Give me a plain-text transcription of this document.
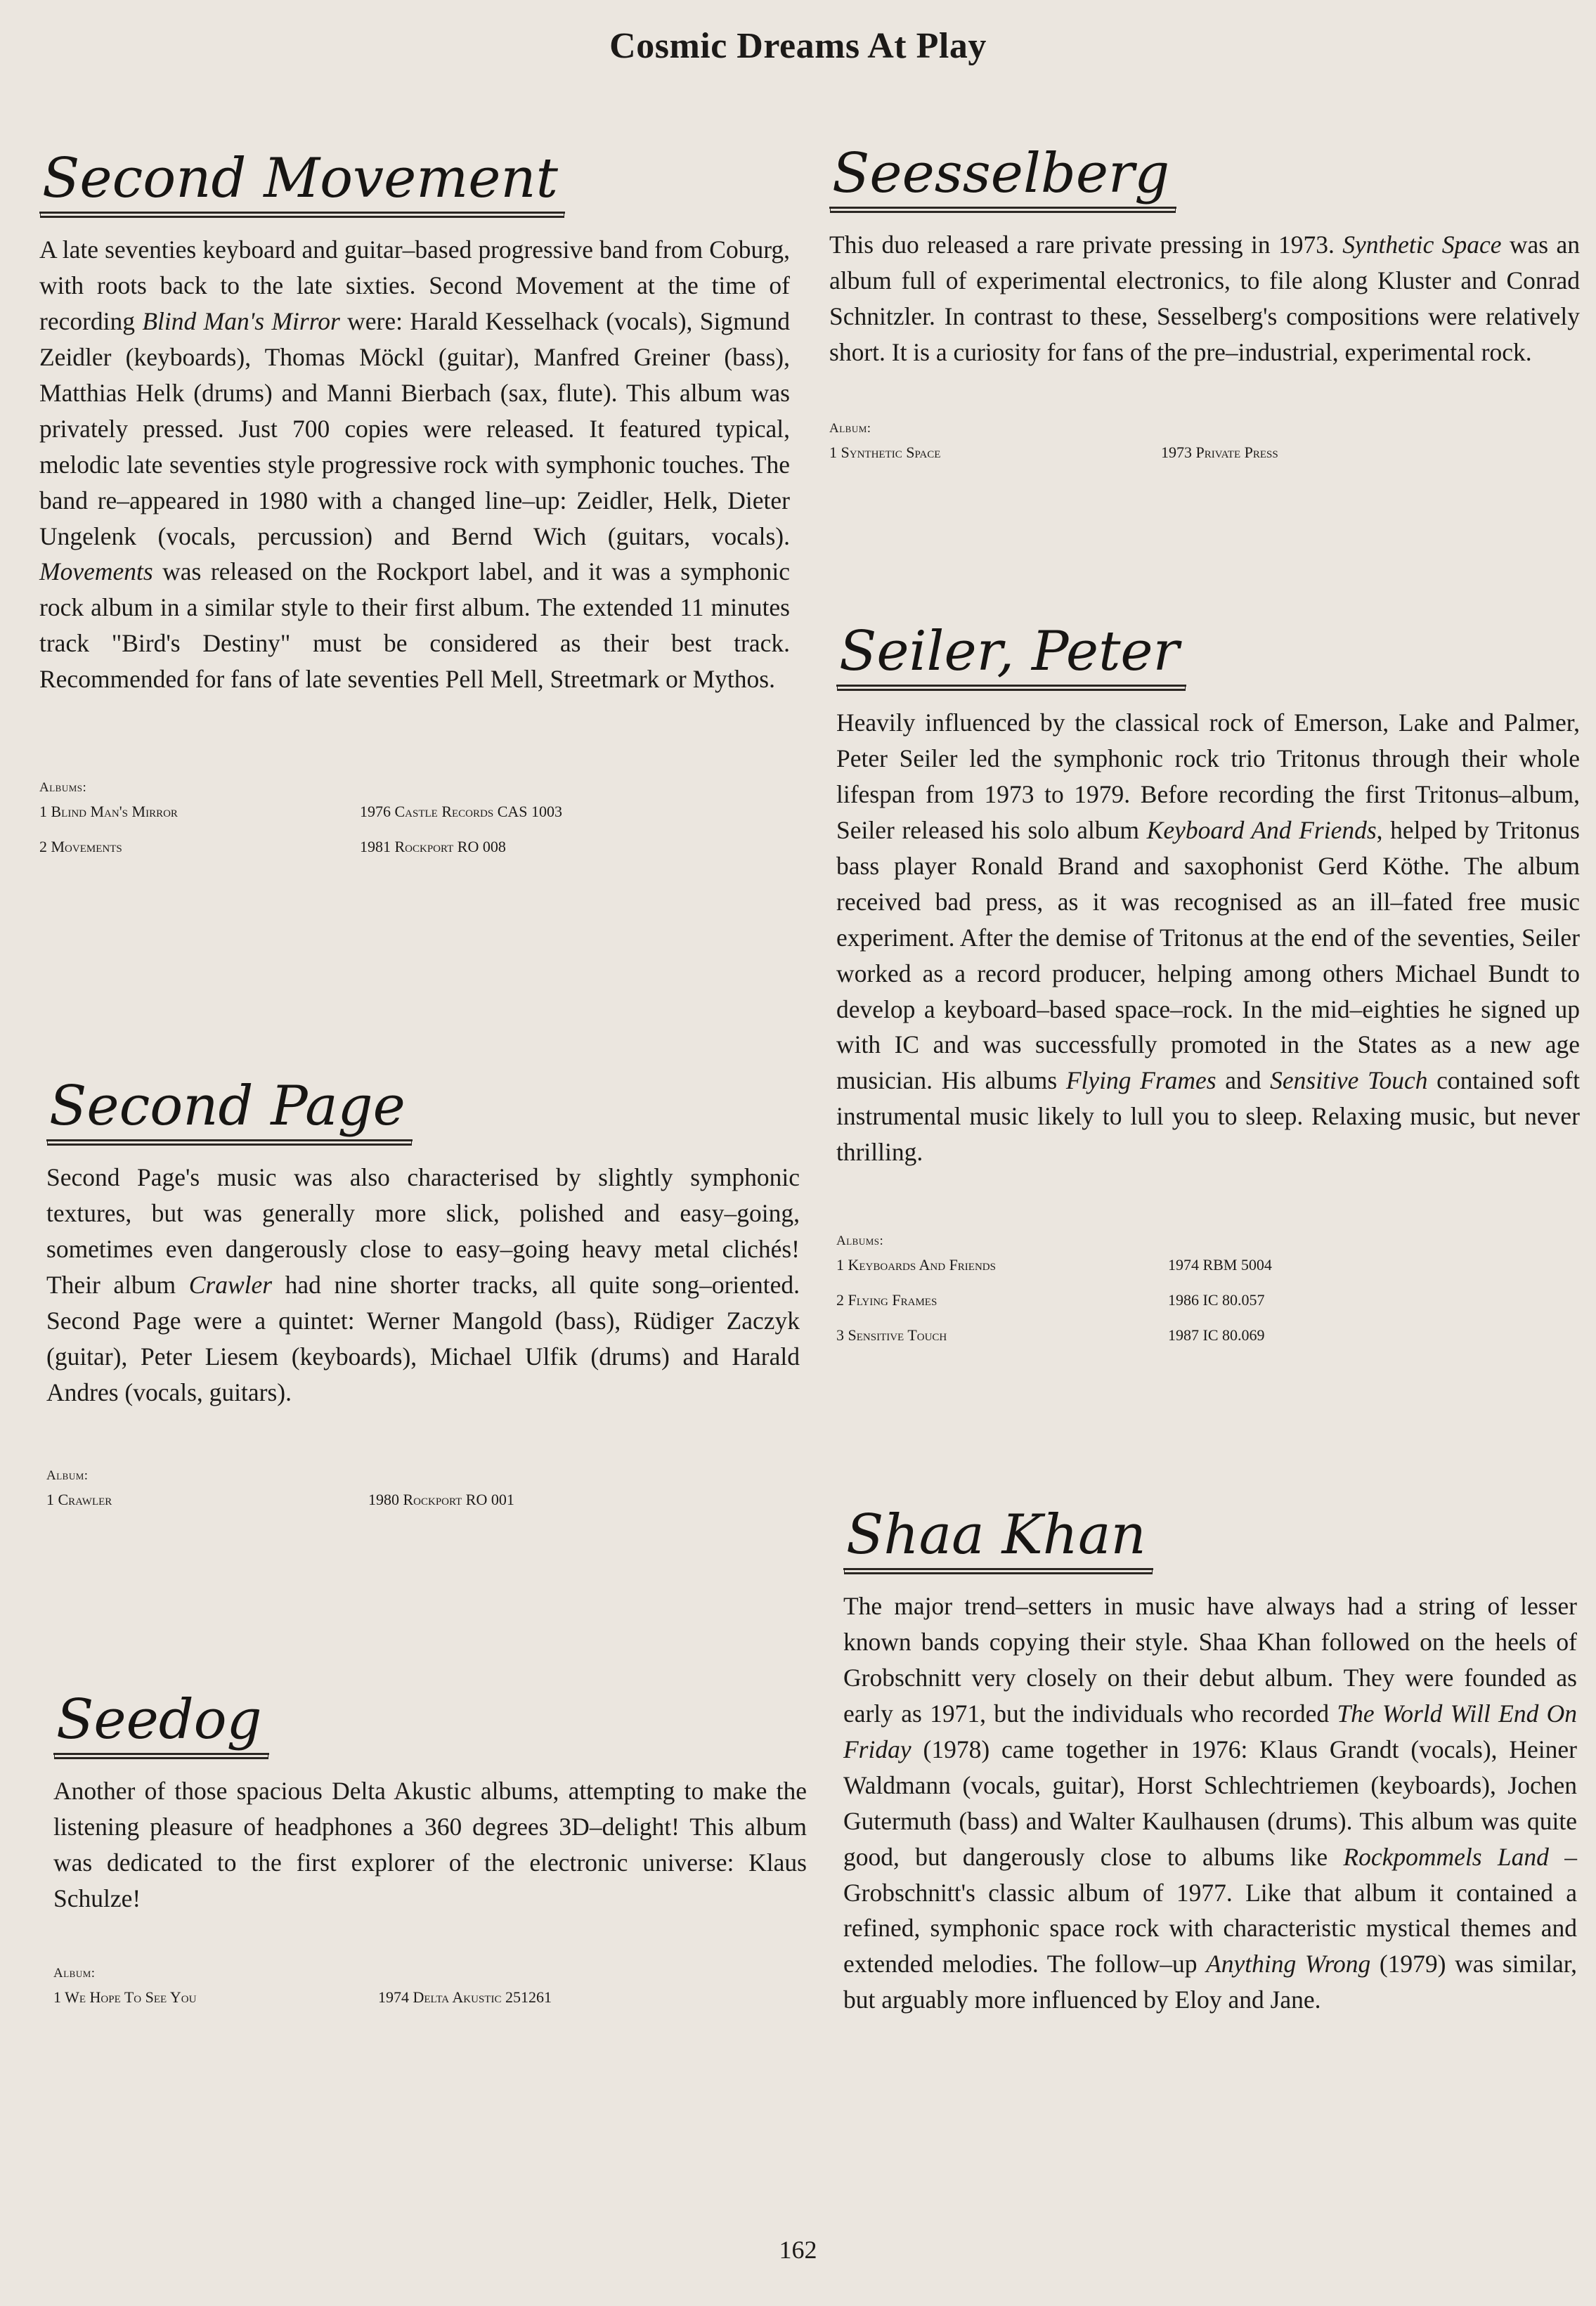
Cosmic Dreams At Play
Second Movement
A late seventies keyboard and guitar–based progressive band from Coburg, with roots back to the late sixties. Second Movement at the time of recording Blind Man's Mirror were: Harald Kesselhack (vocals), Sigmund Zeidler (keyboards), Thomas Möckl (guitar), Manfred Greiner (bass), Matthias Helk (drums) and Manni Bierbach (sax, flute). This album was privately pressed. Just 700 copies were released. It featured typical, melodic late seventies style progressive rock with symphonic touches. The band re–appeared in 1980 with a changed line–up: Zeidler, Helk, Dieter Ungelenk (vocals, percussion) and Bernd Wich (guitars, vocals). Movements was released on the Rockport label, and it was a symphonic rock album in a similar style to their first album. The extended 11 minutes track "Bird's Destiny" must be considered as their best track. Recommended for fans of late seventies Pell Mell, Streetmark or Mythos.
Albums:
1 Blind Man's Mirror	1976 Castle Records CAS 1003
2 Movements	1981 Rockport RO 008
Second Page
Second Page's music was also characterised by slightly symphonic textures, but was generally more slick, polished and easy–going, sometimes even dangerously close to easy–going heavy metal clichés! Their album Crawler had nine shorter tracks, all quite song–oriented. Second Page were a quintet: Werner Mangold (bass), Rüdiger Zaczyk (guitar), Peter Liesem (keyboards), Michael Ulfik (drums) and Harald Andres (vocals, guitars).
Album:
1 Crawler	1980 Rockport RO 001
Seedog
Another of those spacious Delta Akustic albums, attempting to make the listening pleasure of headphones a 360 degrees 3D–delight! This album was dedicated to the first explorer of the electronic universe: Klaus Schulze!
Album:
1 We Hope To See You	1974 Delta Akustic 251261
Seesselberg
This duo released a rare private pressing in 1973. Synthetic Space was an album full of experimental electronics, to file along Kluster and Conrad Schnitzler. In contrast to these, Sesselberg's compositions were relatively short. It is a curiosity for fans of the pre–industrial, experimental rock.
Album:
1 Synthetic Space	1973 Private Press
Seiler, Peter
Heavily influenced by the classical rock of Emerson, Lake and Palmer, Peter Seiler led the symphonic rock trio Tritonus through their whole lifespan from 1973 to 1979. Before recording the first Tritonus–album, Seiler released his solo album Keyboard And Friends, helped by Tritonus bass player Ronald Brand and saxophonist Gerd Köthe. The album received bad press, as it was recognised as an ill–fated free music experiment. After the demise of Tritonus at the end of the seventies, Seiler worked as a record producer, helping among others Michael Bundt to develop a keyboard–based space–rock. In the mid–eighties he signed up with IC and was successfully promoted in the States as a new age musician. His albums Flying Frames and Sensitive Touch contained soft instrumental music likely to lull you to sleep. Relaxing music, but never thrilling.
Albums:
1 Keyboards And Friends	1974 RBM 5004
2 Flying Frames	1986 IC 80.057
3 Sensitive Touch	1987 IC 80.069
Shaa Khan
The major trend–setters in music have always had a string of lesser known bands copying their style. Shaa Khan followed on the heels of Grobschnitt very closely on their debut album. They were founded as early as 1971, but the individuals who recorded The World Will End On Friday (1978) came together in 1976: Klaus Grandt (vocals), Heiner Waldmann (vocals, guitar), Horst Schlechtriemen (keyboards), Jochen Gutermuth (bass) and Walter Kaulhausen (drums). This album was quite good, but dangerously close to albums like Rockpommels Land – Grobschnitt's classic album of 1977. Like that album it contained a refined, symphonic space rock with characteristic mystical themes and extended melodies. The follow–up Anything Wrong (1979) was similar, but arguably more influenced by Eloy and Jane.
162
